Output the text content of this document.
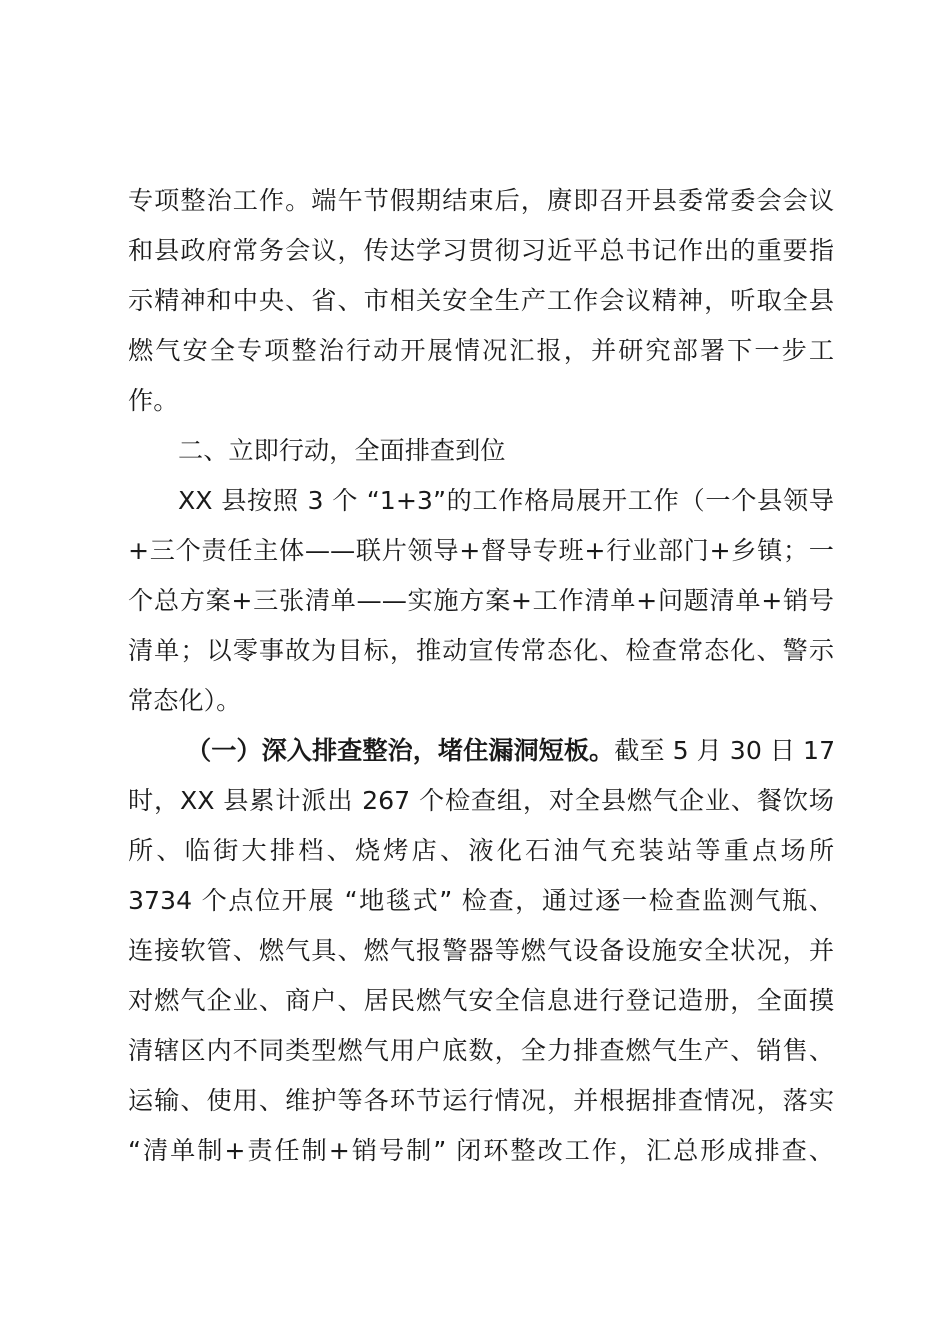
专项整治工作。端午节假期结束后，赓即召开县委常委会会议
和县政府常务会议，传达学习贯彻习近平总书记作出的重要指
示精神和中央、省、市相关安全生产工作会议精神，听取全县
燃气安全专项整治行动开展情况汇报，并研究部署下一步工
作。
二、立即行动，全面排查到位
XX 县按照 3 个 “1+3”的工作格局展开工作（一个县领导
+三个责任主体——联片领导+督导专班+行业部门+乡镇；一
个总方案+三张清单——实施方案+工作清单+问题清单+销号
清单；以零事故为目标，推动宣传常态化、检查常态化、警示
常态化）。
（一）深入排查整治，堵住漏洞短板。截至 5 月 30 日 17
时，XX 县累计派出 267 个检查组，对全县燃气企业、餐饮场
所、临街大排档、烧烤店、液化石油气充装站等重点场所
3734 个点位开展 “地毯式” 检查，通过逐一检查监测气瓶、
连接软管、燃气具、燃气报警器等燃气设备设施安全状况，并
对燃气企业、商户、居民燃气安全信息进行登记造册，全面摸
清辖区内不同类型燃气用户底数，全力排查燃气生产、销售、
运输、使用、维护等各环节运行情况，并根据排查情况，落实
“清单制+责任制+销号制” 闭环整改工作，汇总形成排查、
